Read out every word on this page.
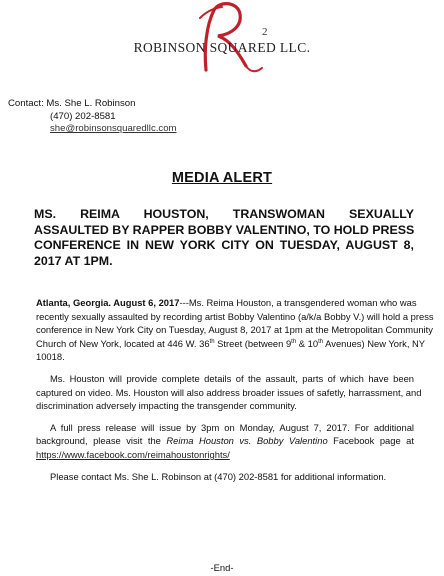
2
ROBINSON SQUARED LLC.
Contact: Ms. She L. Robinson
(470) 202-8581
she@robinsonsquaredllc.com
MEDIA ALERT
MS. REIMA HOUSTON, TRANSWOMAN SEXUALLY
ASSAULTED BY RAPPER BOBBY VALENTINO, TO HOLD PRESS
CONFERENCE IN NEW YORK CITY ON TUESDAY, AUGUST 8,
2017 AT 1PM.
Atlanta, Georgia. August 6, 2017---Ms. Reima Houston, a transgendered woman who was
recently sexually assaulted by recording artist Bobby Valentino (a/k/a Bobby V.) will hold a press
conference in New York City on Tuesday, August 8, 2017 at 1pm at the Metropolitan Community
Church of New York, located at 446 W. 36th Street (between 9th & 10th Avenues) New York, NY
10018.
Ms. Houston will provide complete details of the assault, parts of which have been
captured on video. Ms. Houston will also address broader issues of safetly, harrassment, and
discrimination adversely impacting the transgender community.
A full press release will issue by 3pm on Monday, August 7, 2017. For additional
background, please visit the Reima Houston vs. Bobby Valentino Facebook page at
https://www.facebook.com/reimahoustonrights/
Please contact Ms. She L. Robinson at (470) 202-8581 for additional information.
-End-
